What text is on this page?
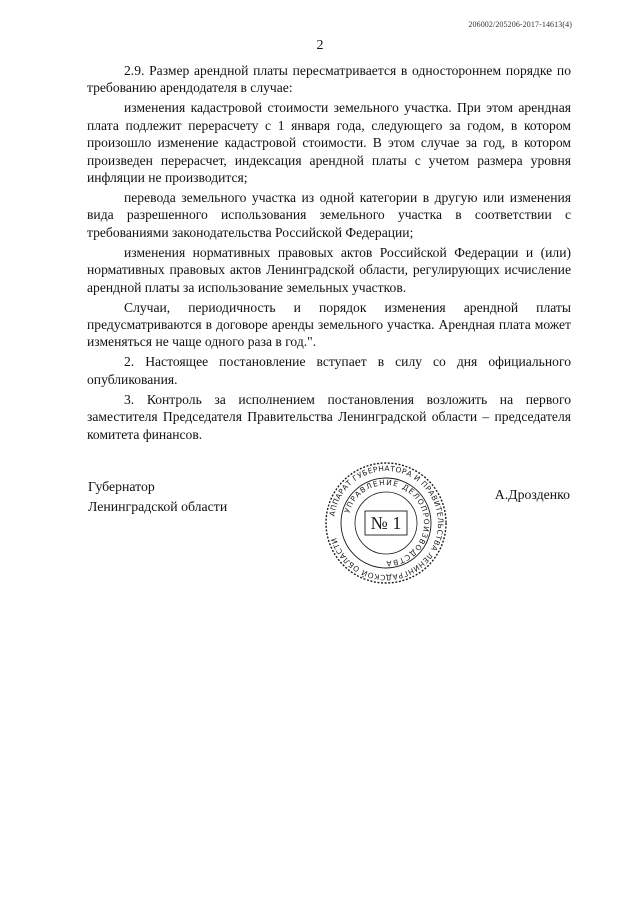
206002/205206-2017-14613(4)
2

2.9. Размер арендной платы пересматривается в одностороннем порядке по требованию арендодателя в случае:

изменения кадастровой стоимости земельного участка. При этом арендная плата подлежит перерасчету с 1 января года, следующего за годом, в котором произошло изменение кадастровой стоимости. В этом случае за год, в котором произведен перерасчет, индексация арендной платы с учетом размера уровня инфляции не производится;

перевода земельного участка из одной категории в другую или изменения вида разрешенного использования земельного участка в соответствии с требованиями законодательства Российской Федерации;

изменения нормативных правовых актов Российской Федерации и (или) нормативных правовых актов Ленинградской области, регулирующих исчисление арендной платы за использование земельных участков.

Случаи, периодичность и порядок изменения арендной платы предусматриваются в договоре аренды земельного участка. Арендная плата может изменяться не чаще одного раза в год.".

2. Настоящее постановление вступает в силу со дня официального опубликования.

3. Контроль за исполнением постановления возложить на первого заместителя Председателя Правительства Ленинградской области – председателя комитета финансов.

Губернатор
Ленинградской области
А.Дрозденко
АППАРАТ ГУБЕРНАТОРА И ПРАВИТЕЛЬСТВА ЛЕНИНГРАДСКОЙ ОБЛАСТИ
УПРАВЛЕНИЕ ДЕЛОПРОИЗВОДСТВА
№ 1
